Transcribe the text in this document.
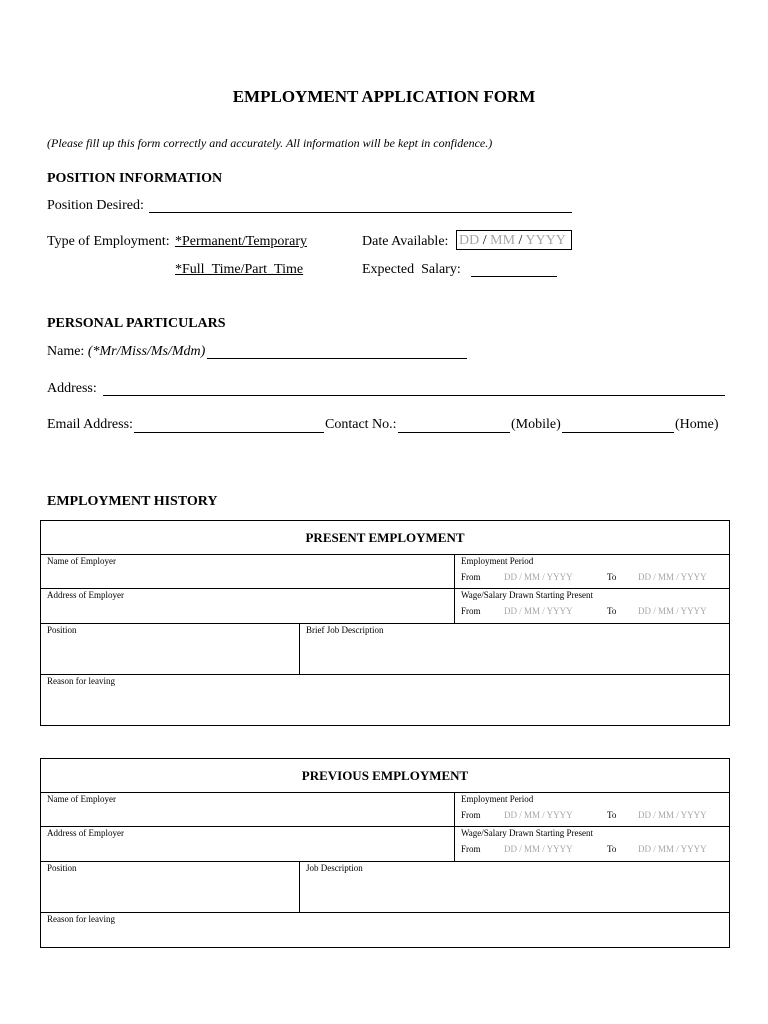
EMPLOYMENT APPLICATION FORM
(Please fill up this form correctly and accurately. All information will be kept in confidence.)
POSITION INFORMATION
Position Desired:
Type of Employment: *Permanent/Temporary
*Full_Time/Part_Time
Date Available: DD / MM / YYYY
Expected  Salary:
PERSONAL PARTICULARS
Name: (*Mr/Miss/Ms/Mdm)
Address:
Email Address:	Contact No.:	(Mobile)	(Home)
EMPLOYMENT HISTORY
PRESENT EMPLOYMENT
Name of Employer	Employment Period
From	DD / MM / YYYY	To DD / MM / YYYY
Address of Employer	Wage/Salary Drawn Starting Present
From	DD / MM / YYYY	To DD / MM / YYYY
Position	Brief Job Description
Reason for leaving
PREVIOUS EMPLOYMENT
Name of Employer	Employment Period
From	DD / MM / YYYY	To DD / MM / YYYY
Address of Employer	Wage/Salary Drawn Starting Present
From	DD / MM / YYYY	To DD / MM / YYYY
Position	Job Description
Reason for leaving
